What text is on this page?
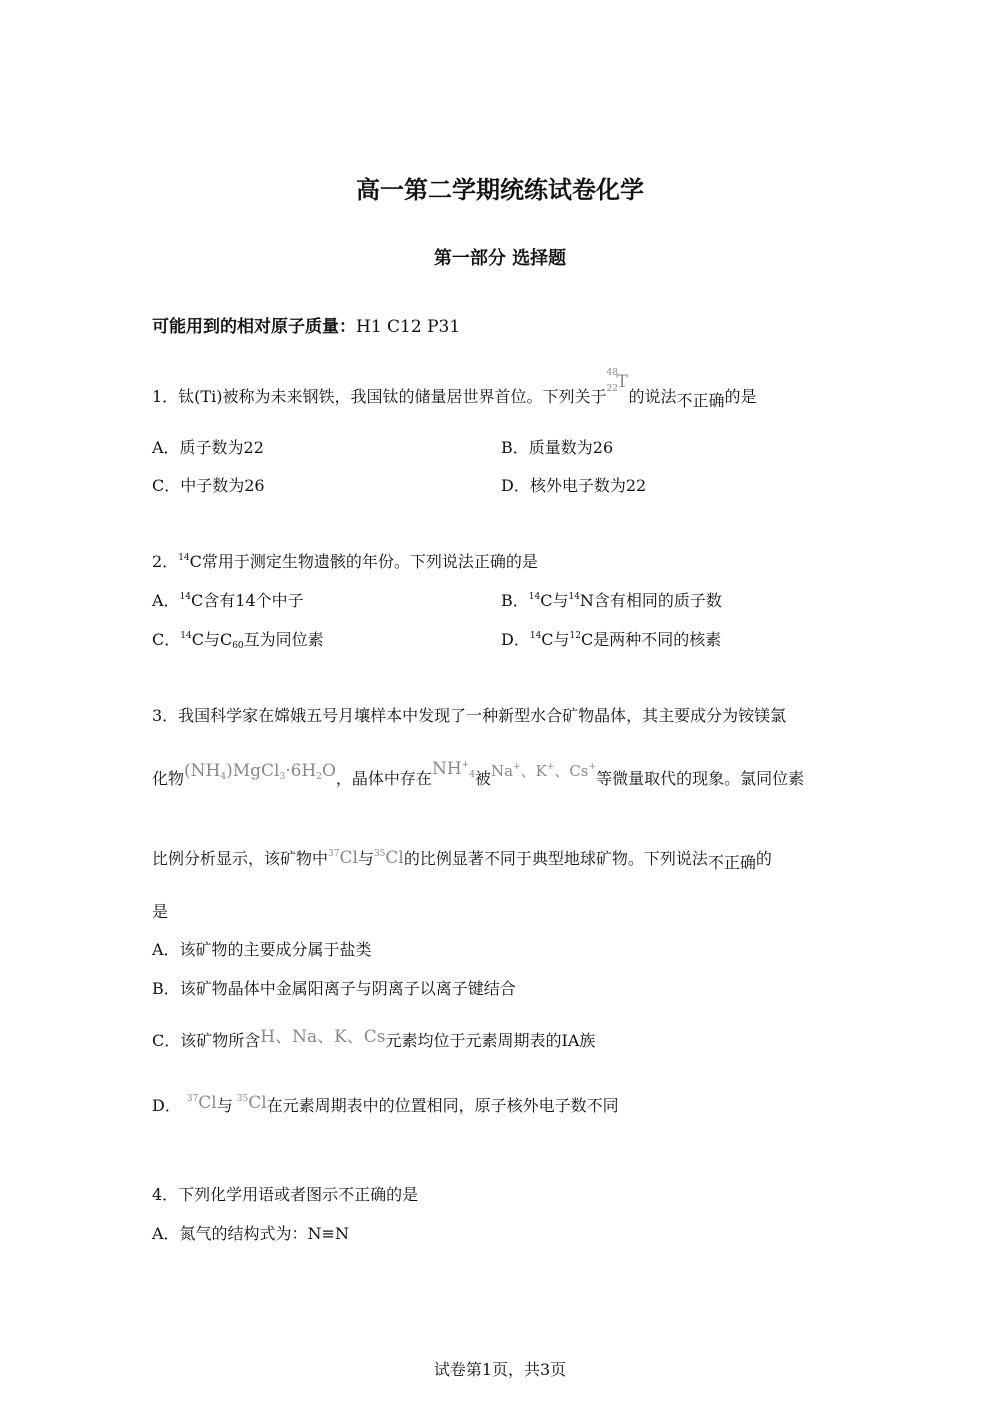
高一第二学期统练试卷化学
第一部分 选择题
可能用到的相对原子质量：H1 C12 P31
1．钛(Ti)被称为未来钢铁，我国钛的储量居世界首位。下列关于
48
22
T
的说法不正确的是
A．质子数为22	B．质量数为26
C．中子数为26	D．核外电子数为22
2．$^{14}$C常用于测定生物遗骸的年份。下列说法正确的是
A．$^{14}$C含有14个中子	B．$^{14}$C与$^{14}$N含有相同的质子数
C．$^{14}$C与$C_{60}$互为同位素	D．$^{14}$C与$^{12}$C是两种不同的核素
3．我国科学家在嫦娥五号月壤样本中发现了一种新型水合矿物晶体，其主要成分为铵镁氯
化物$(NH_4)MgCl_3\cdot 6H_2O$，晶体中存在$NH^+_4$被Na+、K+、Cs+等微量取代的现象。氯同位素
比例分析显示，该矿物中$^{37}$Cl与$^{35}$Cl的比例显著不同于典型地球矿物。下列说法不正确的
是
A．该矿物的主要成分属于盐类
B．该矿物晶体中金属阳离子与阴离子以离子键结合
C．该矿物所含H、Na、K、Cs元素均位于元素周期表的IA族
D． $^{37}$Cl与 $^{35}$Cl在元素周期表中的位置相同，原子核外电子数不同
4．下列化学用语或者图示不正确的是
A．氮气的结构式为：N≡N
试卷第1页，共3页
